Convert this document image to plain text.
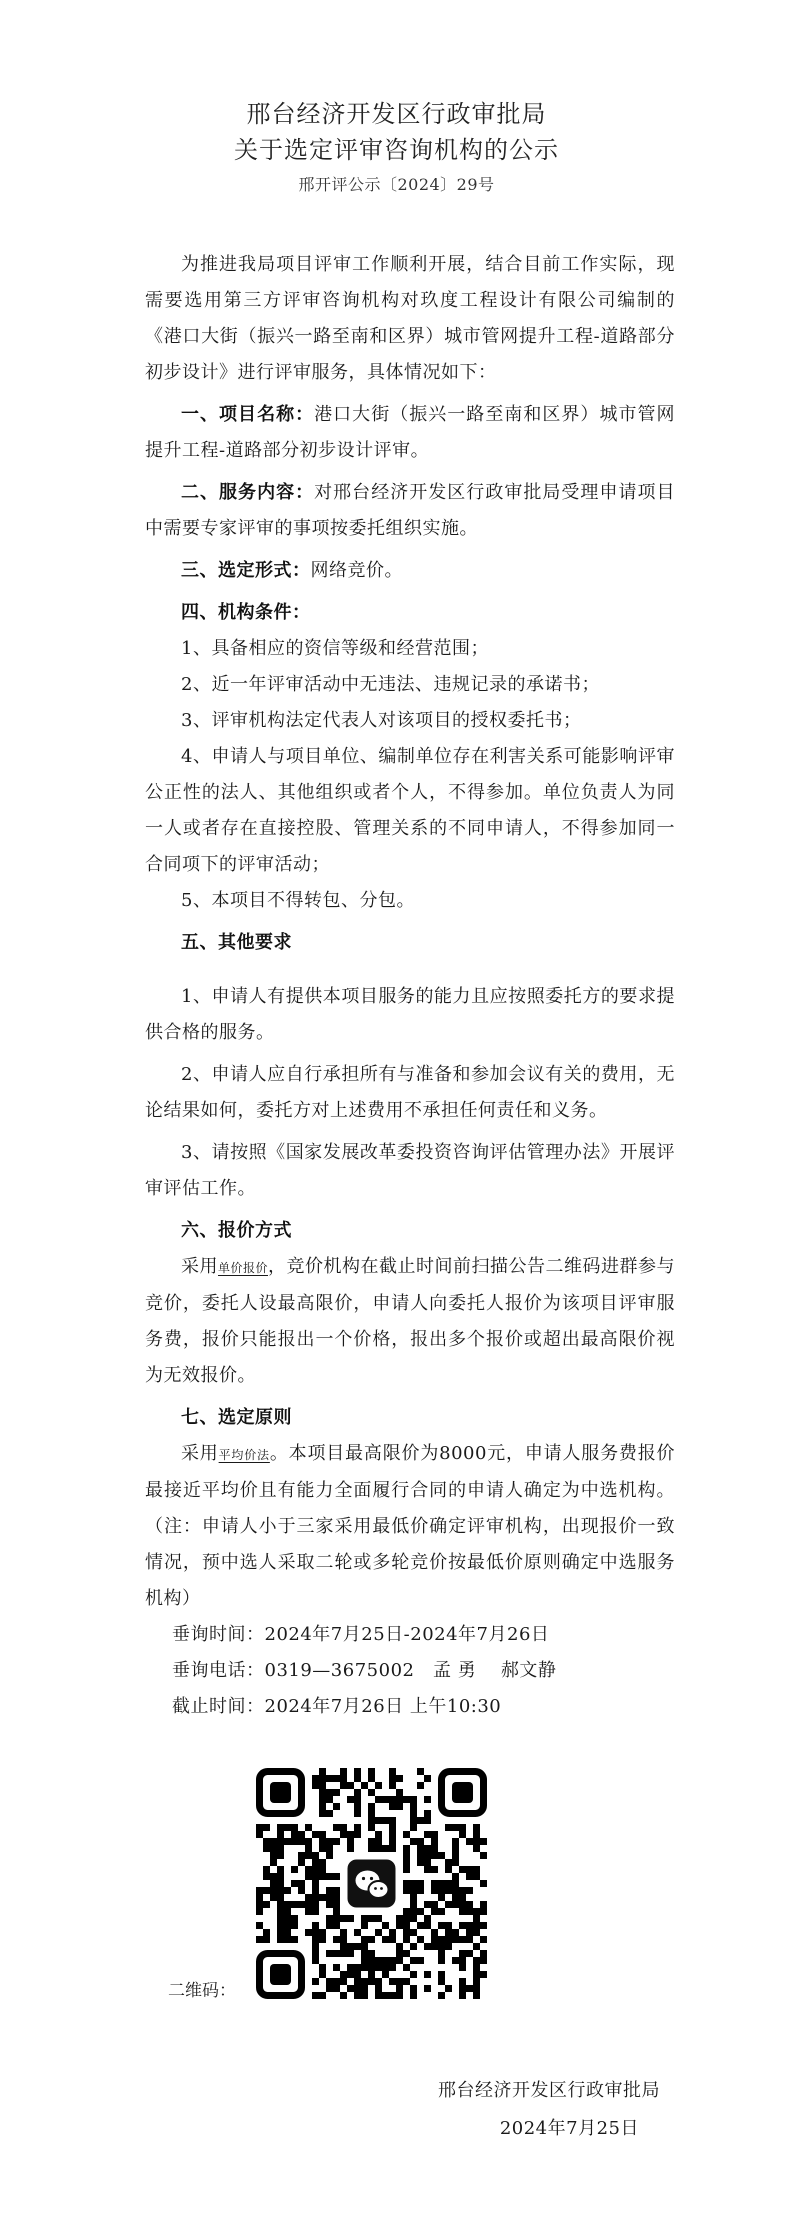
邢台经济开发区行政审批局
关于选定评审咨询机构的公示
邢开评公示〔2024〕29号

为推进我局项目评审工作顺利开展，结合目前工作实际，现需要选用第三方评审咨询机构对玖度工程设计有限公司编制的《港口大街（振兴一路至南和区界）城市管网提升工程-道路部分初步设计》进行评审服务，具体情况如下：

一、项目名称：港口大街（振兴一路至南和区界）城市管网提升工程-道路部分初步设计评审。

二、服务内容：对邢台经济开发区行政审批局受理申请项目中需要专家评审的事项按委托组织实施。

三、选定形式：网络竞价。

四、机构条件：

1、具备相应的资信等级和经营范围；

2、近一年评审活动中无违法、违规记录的承诺书；

3、评审机构法定代表人对该项目的授权委托书；

4、申请人与项目单位、编制单位存在利害关系可能影响评审公正性的法人、其他组织或者个人，不得参加。单位负责人为同一人或者存在直接控股、管理关系的不同申请人，不得参加同一合同项下的评审活动；

5、本项目不得转包、分包。

五、其他要求

1、申请人有提供本项目服务的能力且应按照委托方的要求提供合格的服务。

2、申请人应自行承担所有与准备和参加会议有关的费用，无论结果如何，委托方对上述费用不承担任何责任和义务。

3、请按照《国家发展改革委投资咨询评估管理办法》开展评审评估工作。

六、报价方式

采用单价报价，竞价机构在截止时间前扫描公告二维码进群参与竞价，委托人设最高限价，申请人向委托人报价为该项目评审服务费，报价只能报出一个价格，报出多个报价或超出最高限价视为无效报价。

七、选定原则

采用平均价法。本项目最高限价为8000元，申请人服务费报价最接近平均价且有能力全面履行合同的申请人确定为中选机构。（注：申请人小于三家采用最低价确定评审机构，出现报价一致情况，预中选人采取二轮或多轮竞价按最低价原则确定中选服务机构）

垂询时间：2024年7月25日-2024年7月26日

垂询电话：0319—3675002　孟 勇　 郝文静

截止时间：2024年7月26日 上午10:30

二维码：
邢台经济开发区行政审批局
2024年7月25日
